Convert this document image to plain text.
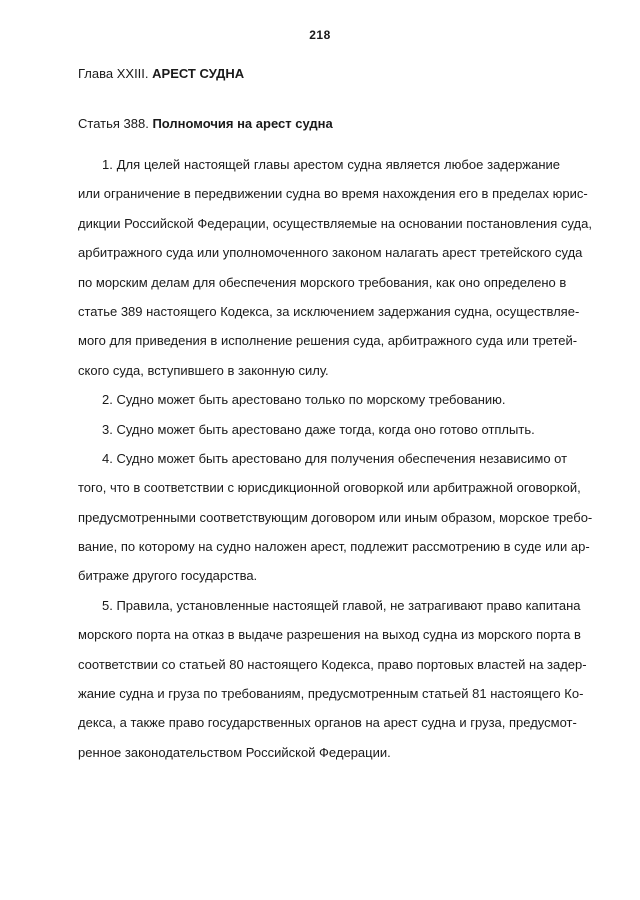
218
Глава XXIII. АРЕСТ СУДНА
Статья 388. Полномочия на арест судна
1. Для целей настоящей главы арестом судна является любое задержание
или ограничение в передвижении судна во время нахождения его в пределах юрис-
дикции Российской Федерации, осуществляемые на основании постановления суда,
арбитражного суда или уполномоченного законом налагать арест третейского суда
по морским делам для обеспечения морского требования, как оно определено в
статье 389 настоящего Кодекса, за исключением задержания судна, осуществляе-
мого для приведения в исполнение решения суда, арбитражного суда или третей-
ского суда, вступившего в законную силу.
2. Судно может быть арестовано только по морскому требованию.
3. Судно может быть арестовано даже тогда, когда оно готово отплыть.
4. Судно может быть арестовано для получения обеспечения независимо от
того, что в соответствии с юрисдикционной оговоркой или арбитражной оговоркой,
предусмотренными соответствующим договором или иным образом, морское требо-
вание, по которому на судно наложен арест, подлежит рассмотрению в суде или ар-
битраже другого государства.
5. Правила, установленные настоящей главой, не затрагивают право капитана
морского порта на отказ в выдаче разрешения на выход судна из морского порта в
соответствии со статьей 80 настоящего Кодекса, право портовых властей на задер-
жание судна и груза по требованиям, предусмотренным статьей 81 настоящего Ко-
декса, а также право государственных органов на арест судна и груза, предусмот-
ренное законодательством Российской Федерации.
